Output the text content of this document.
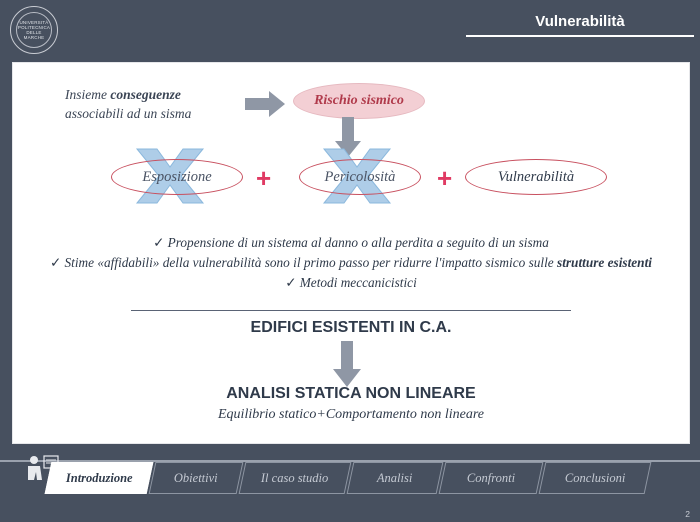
UNIVERSITÀ POLITECNICA DELLE MARCHE
Vulnerabilità
Insieme conseguenze
associabili ad un sisma
Rischio sismico
Esposizione	Pericolosità	Vulnerabilità
+	+
✓ Propensione di un sistema al danno o alla perdita a seguito di un sisma
✓ Stime «affidabili» della vulnerabilità sono il primo passo per ridurre l'impatto sismico sulle strutture esistenti
✓ Metodi meccanicistici
EDIFICI ESISTENTI IN C.A.
ANALISI STATICA NON LINEARE
Equilibrio statico+Comportamento non lineare
Introduzione	Obiettivi	Il caso studio	Analisi	Confronti	Conclusioni
2
